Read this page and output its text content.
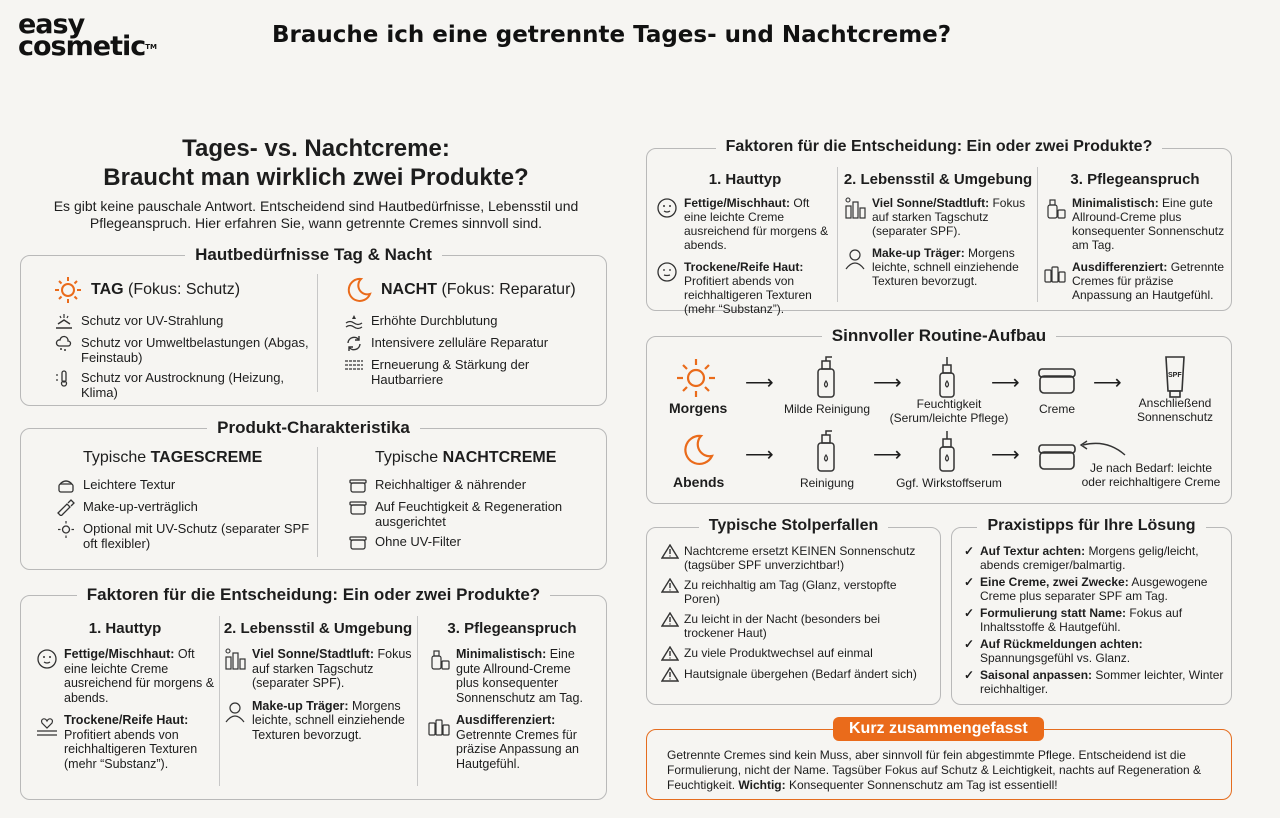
easy
cosmetic™	Brauche ich eine getrennte Tages- und Nachtcreme?
Tages- vs. Nachtcreme:
Braucht man wirklich zwei Produkte?
Es gibt keine pauschale Antwort. Entscheidend sind Hautbedürfnisse, Lebensstil und Pflegeanspruch. Hier erfahren Sie, wann getrennte Cremes sinnvoll sind.
Hautbedürfnisse Tag & Nacht
TAG
(Fokus: Schutz)
Schutz vor UV-Strahlung
Schutz vor Umweltbelastungen (Abgas, Feinstaub)
Schutz vor Austrocknung (Heizung, Klima)
NACHT
(Fokus: Reparatur)
Erhöhte Durchblutung
Intensivere zelluläre Reparatur
Erneuerung & Stärkung der Hautbarriere
Produkt-Charakteristika
Typische TAGESCREME
Leichtere Textur
Make-up-verträglich
Optional mit UV-Schutz (separater SPF oft flexibler)
Typische NACHTCREME
Reichhaltiger & nährender
Auf Feuchtigkeit & Regeneration ausgerichtet
Ohne UV-Filter
Faktoren für die Entscheidung: Ein oder zwei Produkte?
1. Hauttyp
Fettige/Mischhaut: Oft eine leichte Creme ausreichend für morgens & abends.
Trockene/Reife Haut: Profitiert abends von reichhaltigeren Texturen (mehr “Substanz”).
2. Lebensstil & Umgebung
Viel Sonne/Stadtluft: Fokus auf starken Tagschutz (separater SPF).
Make-up Träger: Morgens leichte, schnell einziehende Texturen bevorzugt.
3. Pflegeanspruch
Minimalistisch: Eine gute Allround-Creme plus konsequenter Sonnenschutz am Tag.
Ausdifferenziert: Getrennte Cremes für präzise Anpassung an Hautgefühl.
Faktoren für die Entscheidung: Ein oder zwei Produkte?
1. Hauttyp
Fettige/Mischhaut: Oft eine leichte Creme ausreichend für morgens & abends.
Trockene/Reife Haut: Profitiert abends von reichhaltigeren Texturen (mehr “Substanz”).
2. Lebensstil & Umgebung
Viel Sonne/Stadtluft: Fokus auf starken Tagschutz (separater SPF).
Make-up Träger: Morgens leichte, schnell einziehende Texturen bevorzugt.
3. Pflegeanspruch
Minimalistisch: Eine gute Allround-Creme plus konsequenter Sonnenschutz am Tag.
Ausdifferenziert: Getrennte Cremes für präzise Anpassung an Hautgefühl.
Sinnvoller Routine-Aufbau
Morgens
⟶
Milde Reinigung
⟶
Feuchtigkeit (Serum/leichte Pflege)
⟶
Creme
⟶	SPF
Anschließend Sonnenschutz
Abends
⟶
Reinigung
⟶
Ggf. Wirkstoffserum
⟶
Je nach Bedarf: leichte oder reichhaltigere Creme
Typische Stolperfallen
Nachtcreme ersetzt KEINEN Sonnenschutz (tagsüber SPF unverzichtbar!)
Zu reichhaltig am Tag (Glanz, verstopfte Poren)
Zu leicht in der Nacht (besonders bei trockener Haut)
Zu viele Produktwechsel auf einmal
Hautsignale übergehen (Bedarf ändert sich)
Praxistipps für Ihre Lösung
✓ Auf Textur achten: Morgens gelig/leicht, abends cremiger/balmartig.
✓ Eine Creme, zwei Zwecke: Ausgewogene Creme plus separater SPF am Tag.
✓ Formulierung statt Name: Fokus auf Inhaltsstoffe & Hautgefühl.
✓ Auf Rückmeldungen achten: Spannungsgefühl vs. Glanz.
✓ Saisonal anpassen: Sommer leichter, Winter reichhaltiger.
Kurz zusammengefasst
Getrennte Cremes sind kein Muss, aber sinnvoll für fein abgestimmte Pflege. Entscheidend ist die Formulierung, nicht der Name. Tagsüber Fokus auf Schutz & Leichtigkeit, nachts auf Regeneration & Feuchtigkeit. Wichtig: Konsequenter Sonnenschutz am Tag ist essentiell!
